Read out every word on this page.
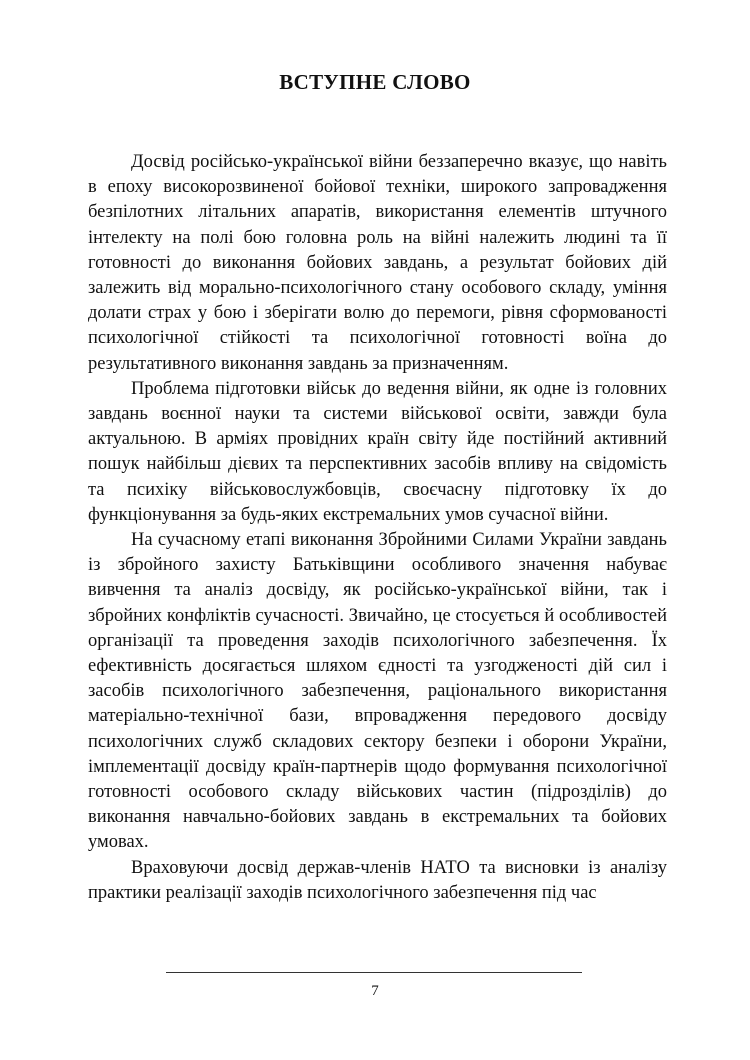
ВСТУПНЕ СЛОВО

Досвід російсько-української війни беззаперечно вказує, що навіть в епоху високорозвиненої бойової техніки, широкого запровадження безпілотних літальних апаратів, використання елементів штучного інтелекту на полі бою головна роль на війні належить людині та її готовності до виконання бойових завдань, а результат бойових дій залежить від морально-психологічного стану особового складу, уміння долати страх у бою і зберігати волю до перемоги, рівня сформованості психологічної стійкості та психологічної готовності воїна до результативного виконання завдань за призначенням.

Проблема підготовки військ до ведення війни, як одне із головних завдань воєнної науки та системи військової освіти, завжди була актуальною. В арміях провідних країн світу йде постійний активний пошук найбільш дієвих та перспективних засобів впливу на свідомість та психіку військовослужбовців, своєчасну підготовку їх до функціонування за будь-яких екстремальних умов сучасної війни.

На сучасному етапі виконання Збройними Силами України завдань із збройного захисту Батьківщини особливого значення набуває вивчення та аналіз досвіду, як російсько-української війни, так і збройних конфліктів сучасності. Звичайно, це стосується й особливостей організації та проведення заходів психологічного забезпечення. Їх ефективність досягається шляхом єдності та узгодженості дій сил і засобів психологічного забезпечення, раціонального використання матеріально-технічної бази, впровадження передового досвіду психологічних служб складових сектору безпеки і оборони України, імплементації досвіду країн-партнерів щодо формування психологічної готовності особового складу військових частин (підрозділів) до виконання навчально-бойових завдань в екстремальних та бойових умовах.

Враховуючи досвід держав-членів НАТО та висновки із аналізу практики реалізації заходів психологічного забезпечення під час

7
